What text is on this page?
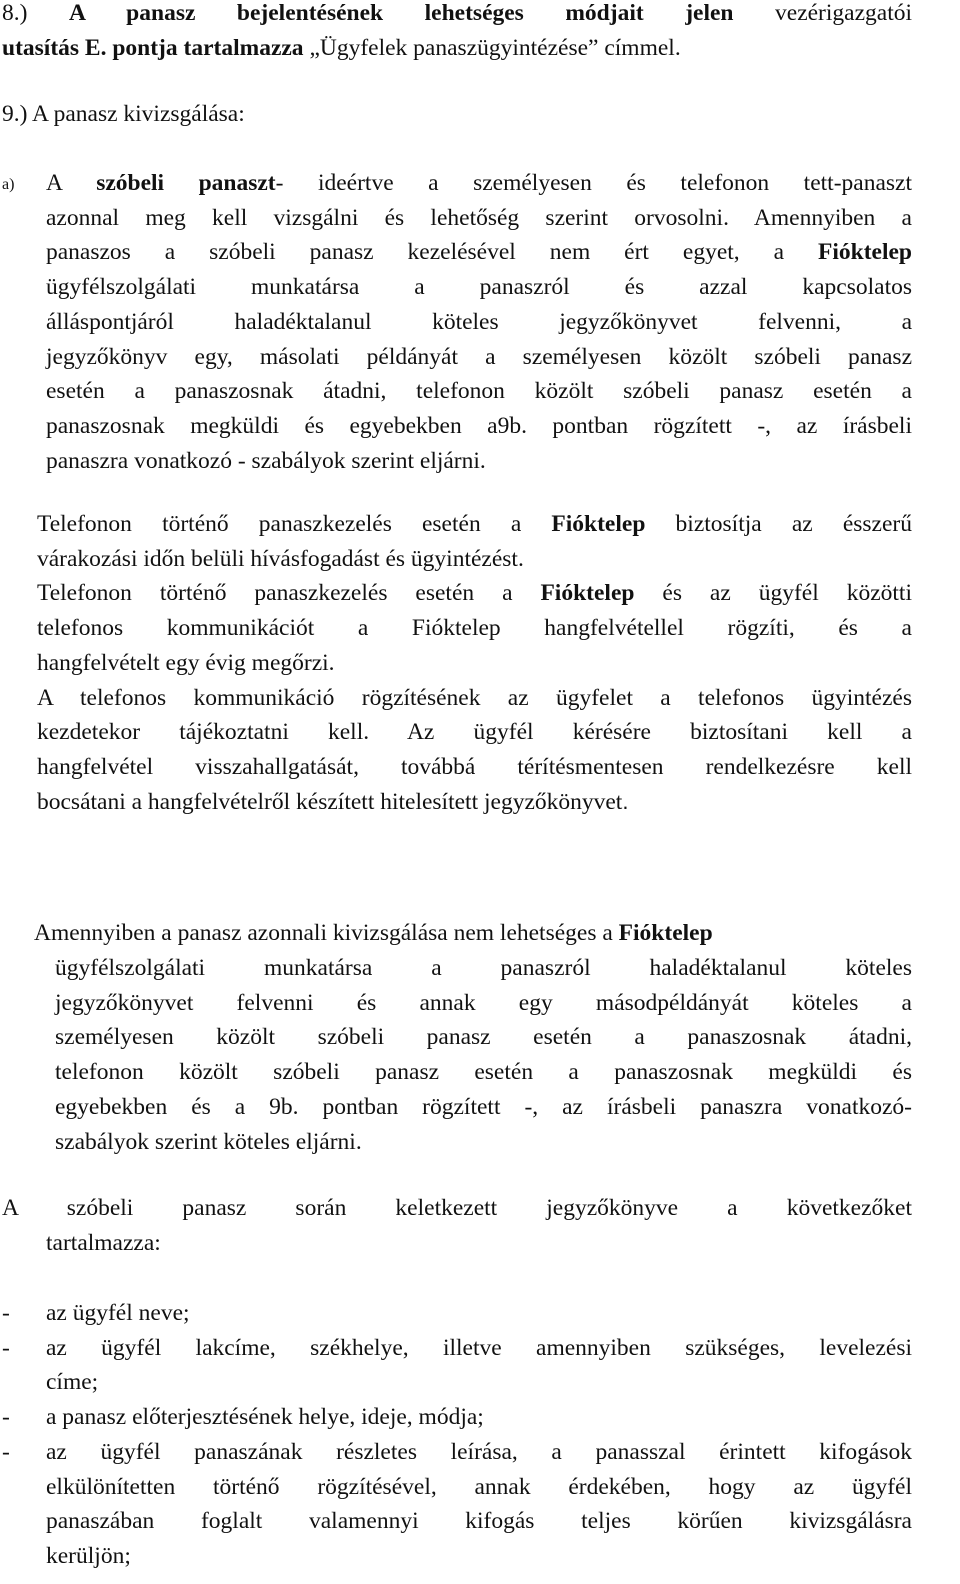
8.) A panasz bejelentésének lehetséges módjait jelen vezérigazgatói
utasítás E. pontja tartalmazza „Ügyfelek panaszügyintézése” címmel.
9.) A panasz kivizsgálása:
a)	A szóbeli panaszt- ideértve a személyesen és telefonon tett-panaszt
azonnal meg kell vizsgálni és lehetőség szerint orvosolni. Amennyiben a
panaszos a szóbeli panasz kezelésével nem ért egyet, a Fióktelep
ügyfélszolgálati munkatársa a panaszról és azzal kapcsolatos
álláspontjáról haladéktalanul köteles jegyzőkönyvet felvenni, a
jegyzőkönyv egy, másolati példányát a személyesen közölt szóbeli panasz
esetén a panaszosnak átadni, telefonon közölt szóbeli panasz esetén a
panaszosnak megküldi és egyebekben a9b. pontban rögzített -, az írásbeli
panaszra vonatkozó - szabályok szerint eljárni.
Telefonon történő panaszkezelés esetén a Fióktelep biztosítja az ésszerű
várakozási időn belüli hívásfogadást és ügyintézést.
Telefonon történő panaszkezelés esetén a Fióktelep és az ügyfél közötti
telefonos kommunikációt a Fióktelep hangfelvétellel rögzíti, és a
hangfelvételt egy évig megőrzi.
A telefonos kommunikáció rögzítésének az ügyfelet a telefonos ügyintézés
kezdetekor tájékoztatni kell. Az ügyfél kérésére biztosítani kell a
hangfelvétel visszahallgatását, továbbá térítésmentesen rendelkezésre kell
bocsátani a hangfelvételről készített hitelesített jegyzőkönyvet.
Amennyiben a panasz azonnali kivizsgálása nem lehetséges a Fióktelep
ügyfélszolgálati munkatársa a panaszról haladéktalanul köteles
jegyzőkönyvet felvenni és annak egy másodpéldányát köteles a
személyesen közölt szóbeli panasz esetén a panaszosnak átadni,
telefonon közölt szóbeli panasz esetén a panaszosnak megküldi és
egyebekben és a 9b. pontban rögzített -, az írásbeli panaszra vonatkozó-
szabályok szerint köteles eljárni.
A szóbeli panasz során keletkezett jegyzőkönyve a következőket
tartalmazza:
-	az ügyfél neve;
-	az ügyfél lakcíme, székhelye, illetve amennyiben szükséges, levelezési
címe;
-	a panasz előterjesztésének helye, ideje, módja;
-	az ügyfél panaszának részletes leírása, a panasszal érintett kifogások
elkülönítetten történő rögzítésével, annak érdekében, hogy az ügyfél
panaszában foglalt valamennyi kifogás teljes körűen kivizsgálásra
kerüljön;
